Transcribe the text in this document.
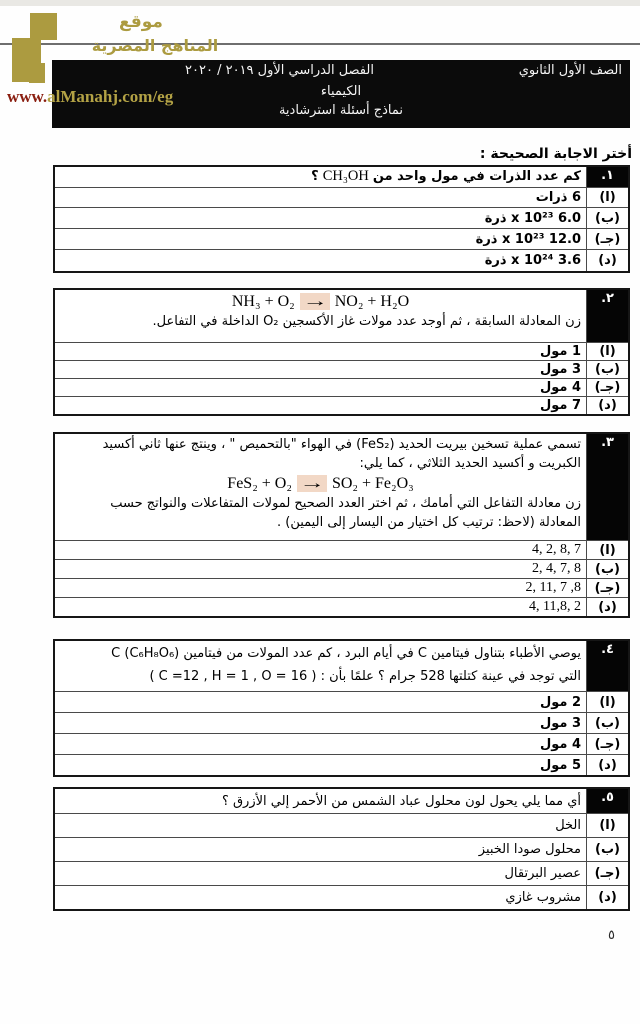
موقع
المناهج المصرية
www.alManahj.com/eg
الصف الأول الثانوي
الفصل الدراسي الأول ٢٠١٩ / ٢٠٢٠
الكيمياء
نماذج أسئلة استرشادية
أختر الاجابة الصحيحة :
١.
كم عدد الذرات في مول واحد منCH₃OH؟
(ا)
6 ذرات
(ب)
6.0 x 10²³ ذرة
(جـ)
12.0 x 10²³ ذرة
(د)
3.6 x 10²⁴ ذرة
٢.
NH₃ + O₂ → NO₂ + H₂O
زن المعادلة السابقة ، ثم أوجد عدد مولات غاز الأكسجين O₂ الداخلة في التفاعل.
(ا)
1 مول
(ب)
3 مول
(جـ)
4 مول
(د)
7 مول
٣.
تسمي عملية تسخين بيريت الحديد (FeS₂) في الهواء "بالتحميص " ، وينتج عنها ثاني أكسيد
الكبريت و أكسيد الحديد الثلاثي ، كما يلي:
FeS₂ + O₂ → SO₂ + Fe₂O₃
زن معادلة التفاعل التي أمامك ، ثم اختر العدد الصحيح لمولات المتفاعلات والنواتج حسب
المعادلة (لاحظ: ترتيب كل اختيار من اليسار إلى اليمين) .
(ا)
4, 2, 8, 7
(ب)
2, 4, 7, 8
(جـ)
2, 11, 7 ,8
(د)
4, 11,8, 2
٤.
يوصي الأطباء بتناول فيتامين C في أيام البرد ، كم عدد المولات من فيتامين C (C₆H₈O₆)
التي توجد في عينة كتلتها 528 جرام ؟ علمًا بأن : ( C =12 , H = 1 , O = 16 )
(ا)
2 مول
(ب)
3 مول
(جـ)
4 مول
(د)
5 مول
٥.
أي مما يلي يحول لون محلول عباد الشمس من الأحمر إلي الأزرق ؟
(ا)
الخل
(ب)
محلول صودا الخبيز
(جـ)
عصير البرتقال
(د)
مشروب غازي
٥
